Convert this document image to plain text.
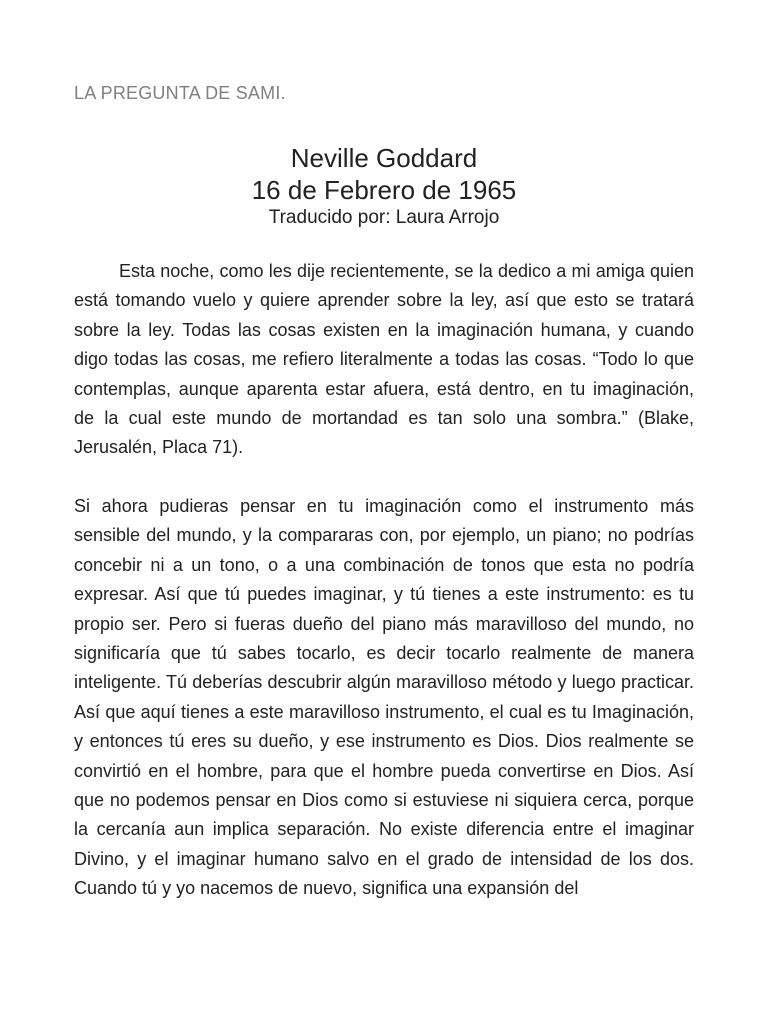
LA PREGUNTA DE SAMI.
Neville Goddard
16 de Febrero de 1965
Traducido por: Laura Arrojo

Esta noche, como les dije recientemente, se la dedico a mi amiga quien está tomando vuelo y quiere aprender sobre la ley, así que esto se tratará sobre la ley. Todas las cosas existen en la imaginación humana, y cuando digo todas las cosas, me refiero literalmente a todas las cosas. “Todo lo que contemplas, aunque aparenta estar afuera, está dentro, en tu imaginación, de la cual este mundo de mortandad es tan solo una sombra.” (Blake, Jerusalén, Placa 71).

Si ahora pudieras pensar en tu imaginación como el instrumento más sensible del mundo, y la compararas con, por ejemplo, un piano; no podrías concebir ni a un tono, o a una combinación de tonos que esta no podría expresar. Así que tú puedes imaginar, y tú tienes a este instrumento: es tu propio ser. Pero si fueras dueño del piano más maravilloso del mundo, no significaría que tú sabes tocarlo, es decir tocarlo realmente de manera inteligente. Tú deberías descubrir algún maravilloso método y luego practicar. Así que aquí tienes a este maravilloso instrumento, el cual es tu Imaginación, y entonces tú eres su dueño, y ese instrumento es Dios. Dios realmente se convirtió en el hombre, para que el hombre pueda convertirse en Dios. Así que no podemos pensar en Dios como si estuviese ni siquiera cerca, porque la cercanía aun implica separación. No existe diferencia entre el imaginar Divino, y el imaginar humano salvo en el grado de intensidad de los dos. Cuando tú y yo nacemos de nuevo, significa una expansión del
